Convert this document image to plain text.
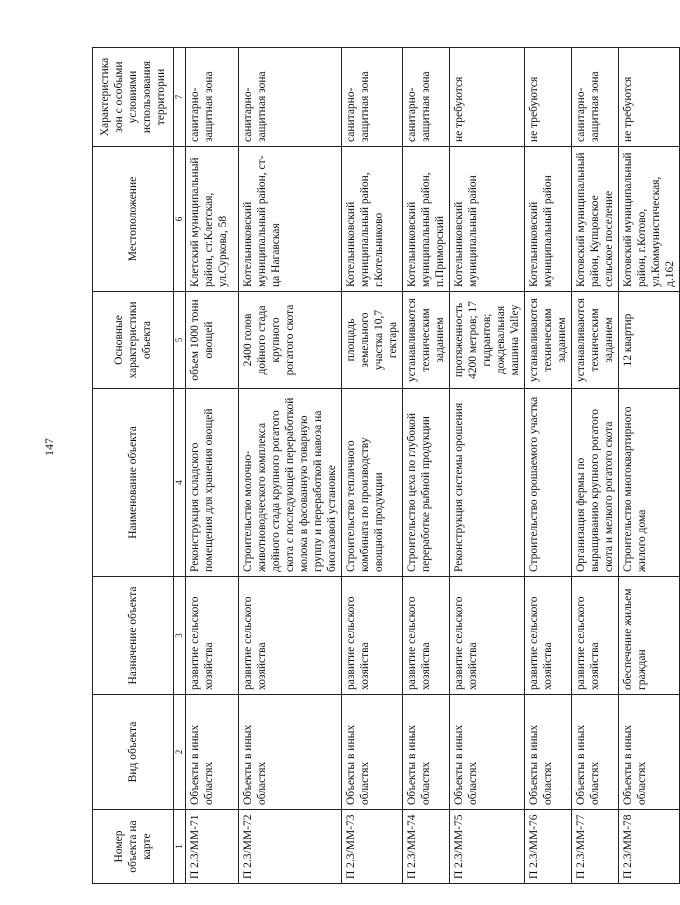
147
Номер объекта на карте	Вид объекта	Назначение объекта	Наименование объекта	Основные характеристики объекта	Местоположение	Характеристика зон с особыми условиями использования территории
1	2	3	4	5	6	7
П 2.3/ММ-71	Объекты в иных областях	развитие сельского хозяйства	Реконструкция складского помещения для хранения овощей	объем 1000 тонн овощей	Клетский муниципальный район, ст.Клетская, ул.Суркова, 58	санитарно-защитная зона
П 2.3/ММ-72	Объекты в иных областях	развитие сельского хозяйства	Строительство молочно-животноводческого комплекса дойного стада крупного рогатого скота с последующей переработкой молока в фасованную товарную группу и переработкой навоза на биогазовой установке	2400 голов дойного стада крупного рогатого скота	Котельниковский муниципальный район, ст-ца Нагавская	санитарно-защитная зона
П 2.3/ММ-73	Объекты в иных областях	развитие сельского хозяйства	Строительство тепличного комбината по производству овощной продукции	площадь земельного участка 10,7 гектара	Котельниковский муниципальный район, г.Котельниково	санитарно-защитная зона
П 2.3/ММ-74	Объекты в иных областях	развитие сельского хозяйства	Строительство цеха по глубокой переработке рыбной продукции	устанавливаются техническим заданием	Котельниковский муниципальный район, п.Приморский	санитарно-защитная зона
П 2.3/ММ-75	Объекты в иных областях	развитие сельского хозяйства	Реконструкция системы орошения	протяженность 4200 метров; 17 гидрантов; дождевальная машина Valley	Котельниковский муниципальный район	не требуются
П 2.3/ММ-76	Объекты в иных областях	развитие сельского хозяйства	Строительство орошаемого участка	устанавливаются техническим заданием	Котельниковский муниципальный район	не требуются
П 2.3/ММ-77	Объекты в иных областях	развитие сельского хозяйства	Организация фермы по выращиванию крупного рогатого скота и мелкого рогатого скота	устанавливаются техническим заданием	Котовский муниципальный район, Купцовское сельское поселение	санитарно-защитная зона
П 2.3/ММ-78	Объекты в иных областях	обеспечение жильем граждан	Строительство многоквартирного жилого дома	12 квартир	Котовский муниципальный район, г.Котово, ул.Коммунистическая, д.162	не требуются
